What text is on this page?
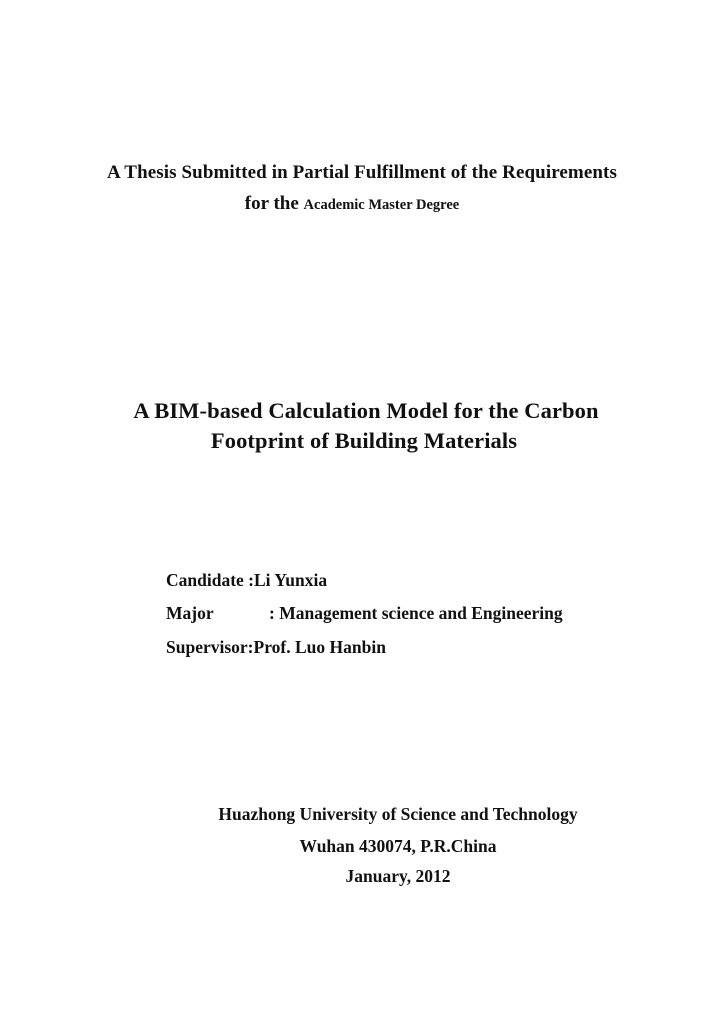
A Thesis Submitted in Partial Fulfillment of the Requirements
for the Academic Master Degree
A BIM-based Calculation Model for the Carbon
Footprint of Building Materials
Candidate :Li Yunxia
Major	: Management science and Engineering
Supervisor:Prof. Luo Hanbin
Huazhong University of Science and Technology
Wuhan 430074, P.R.China
January, 2012
